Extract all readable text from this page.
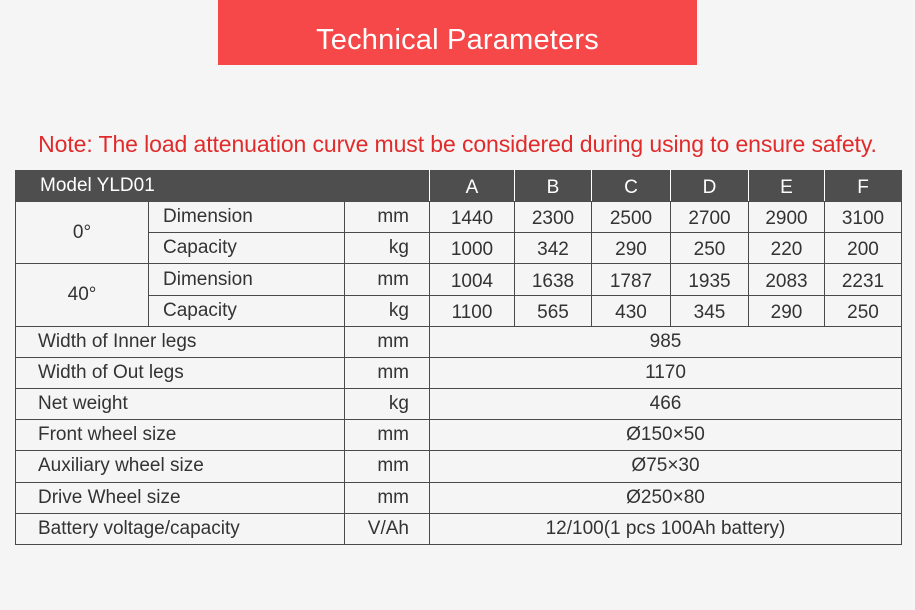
Technical Parameters
Note: The load attenuation curve must be considered during using to ensure safety.
Model YLD01			A	B	C	D	E	F
0°	Dimension	mm	1440	2300	2500	2700	2900	3100
	Capacity	kg	1000	342	290	250	220	200
40°	Dimension	mm	1004	1638	1787	1935	2083	2231
	Capacity	kg	1100	565	430	345	290	250
Width of Inner legs		mm	985					
Width of Out legs		mm	1170					
Net weight		kg	466					
Front wheel size		mm	Ø150×50					
Auxiliary wheel size		mm	Ø75×30					
Drive Wheel size		mm	Ø250×80					
Battery voltage/capacity		V/Ah	12/100(1 pcs 100Ah battery)					
